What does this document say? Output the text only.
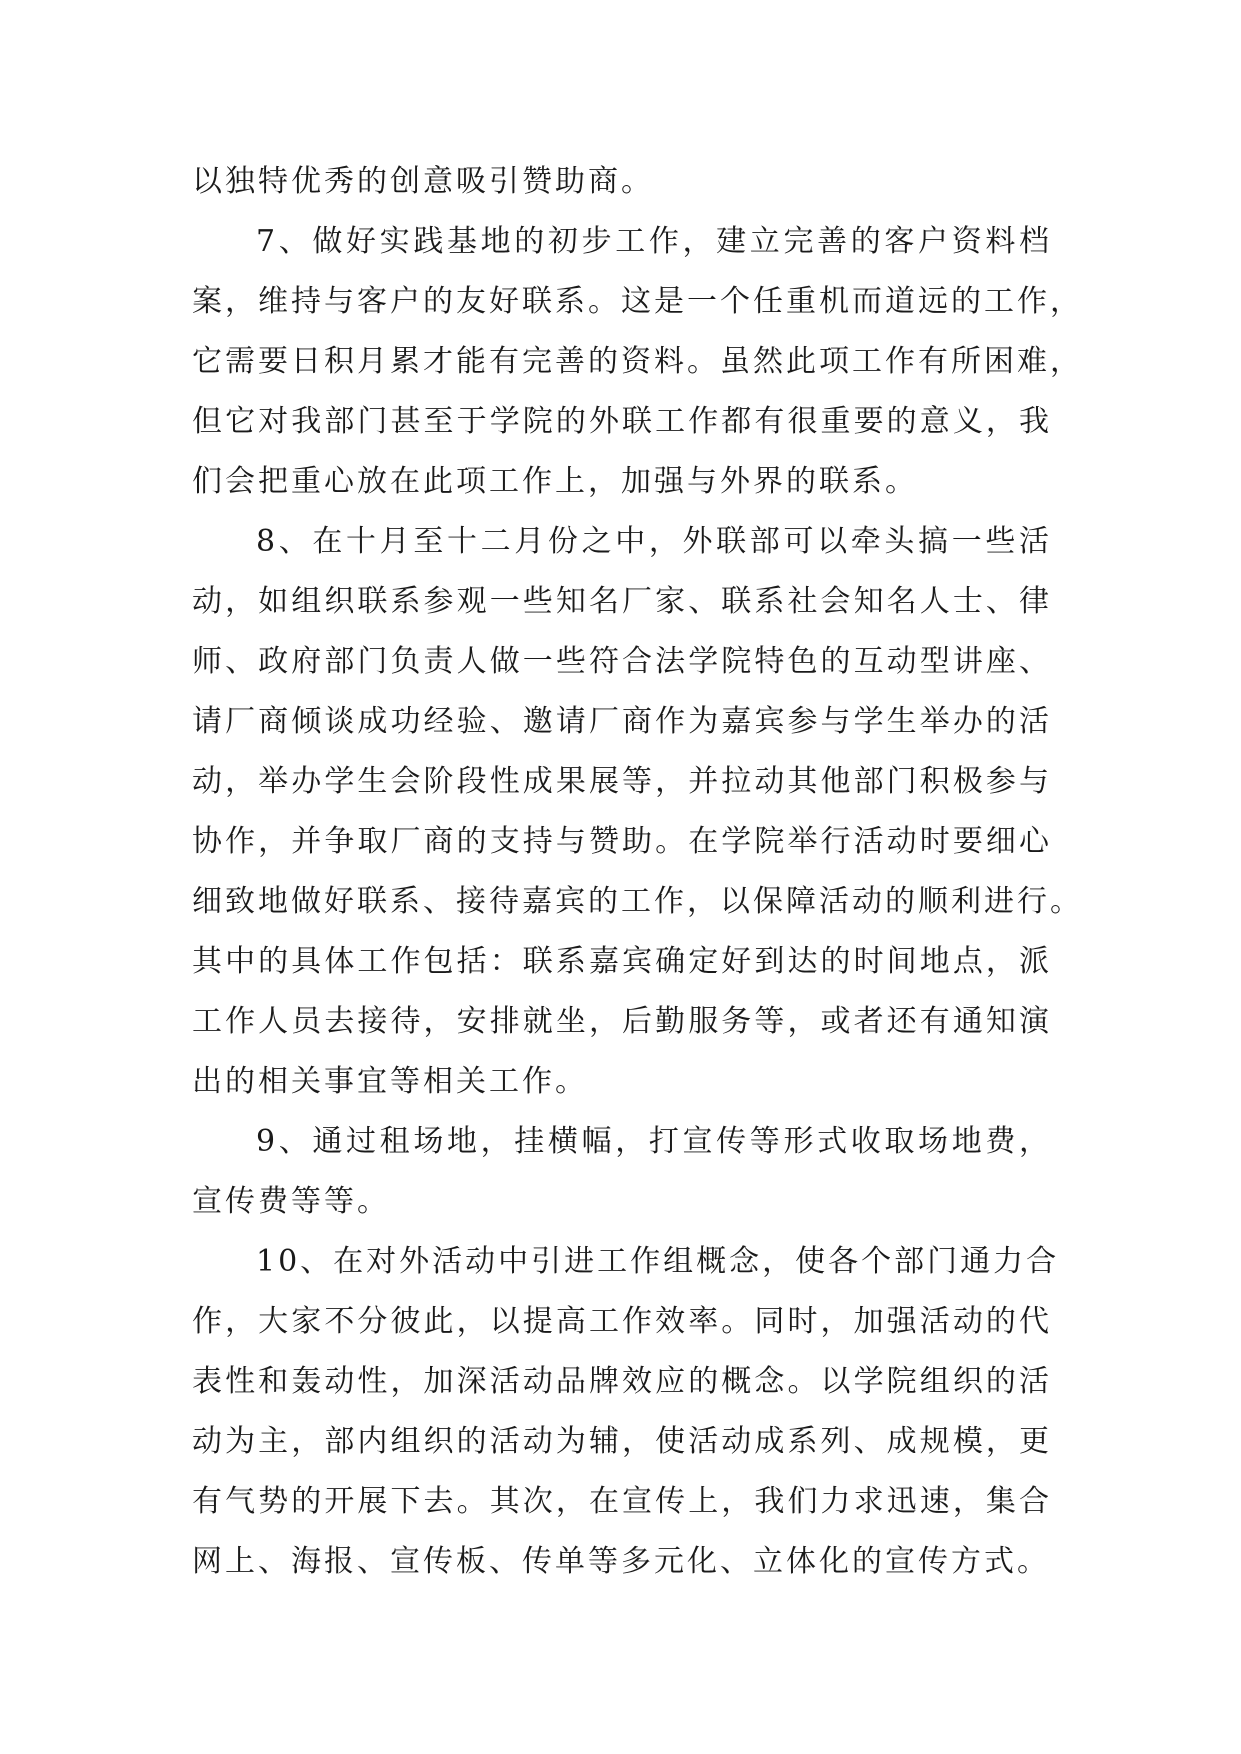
以独特优秀的创意吸引赞助商。
7、做好实践基地的初步工作，建立完善的客户资料档
案，维持与客户的友好联系。这是一个任重机而道远的工作，
它需要日积月累才能有完善的资料。虽然此项工作有所困难，
但它对我部门甚至于学院的外联工作都有很重要的意义，我
们会把重心放在此项工作上，加强与外界的联系。
8、在十月至十二月份之中，外联部可以牵头搞一些活
动，如组织联系参观一些知名厂家、联系社会知名人士、律
师、政府部门负责人做一些符合法学院特色的互动型讲座、
请厂商倾谈成功经验、邀请厂商作为嘉宾参与学生举办的活
动，举办学生会阶段性成果展等，并拉动其他部门积极参与
协作，并争取厂商的支持与赞助。在学院举行活动时要细心
细致地做好联系、接待嘉宾的工作，以保障活动的顺利进行。
其中的具体工作包括：联系嘉宾确定好到达的时间地点，派
工作人员去接待，安排就坐，后勤服务等，或者还有通知演
出的相关事宜等相关工作。
9、通过租场地，挂横幅，打宣传等形式收取场地费，
宣传费等等。
10、在对外活动中引进工作组概念，使各个部门通力合
作，大家不分彼此，以提高工作效率。同时，加强活动的代
表性和轰动性，加深活动品牌效应的概念。以学院组织的活
动为主，部内组织的活动为辅，使活动成系列、成规模，更
有气势的开展下去。其次，在宣传上，我们力求迅速，集合
网上、海报、宣传板、传单等多元化、立体化的宣传方式。
